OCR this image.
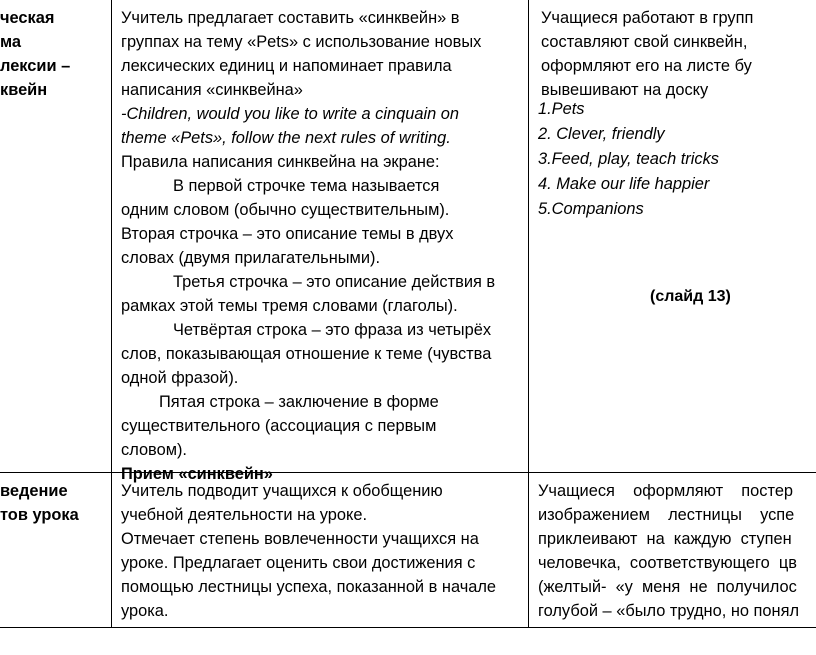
ческая
ма
лексии –
квейн
Учитель предлагает составить «синквейн» в
группах на тему «Pets» с использование новых
лексических единиц и напоминает правила
написания «синквейна»
-Children, would you like to write a cinquain on
theme «Pets», follow the next rules of writing.
Правила написания синквейна на экране:
В первой строчке тема называется
одним словом (обычно существительным).
Вторая строчка – это описание темы в двух
словах (двумя прилагательными).
Третья строчка – это описание действия в
рамках этой темы тремя словами (глаголы).
Четвёртая строка – это фраза из четырёх
слов, показывающая отношение к теме (чувства
одной фразой).
Пятая строка – заключение в форме
существительного (ассоциация с первым
словом).
Прием «синквейн»
Учащиеся работают в групп
составляют свой синквейн,
оформляют его на листе бу
вывешивают на доску
1.Pets
2. Clever, friendly
3.Feed, play, teach tricks
4. Make our life happier
5.Companions
(слайд 13)
ведение
тов урока
Учитель подводит учащихся к обобщению
учебной деятельности на уроке.
Отмечает степень вовлеченности учащихся на
уроке. Предлагает оценить свои достижения с
помощью лестницы успеха, показанной в начале
урока.
Учащиеся    оформляют    постер
изображением    лестницы    успе
приклеивают  на  каждую  ступен
человечка,  соответствующего  цв
(желтый-  «у  меня  не  получилос
голубой – «было трудно, но понял
